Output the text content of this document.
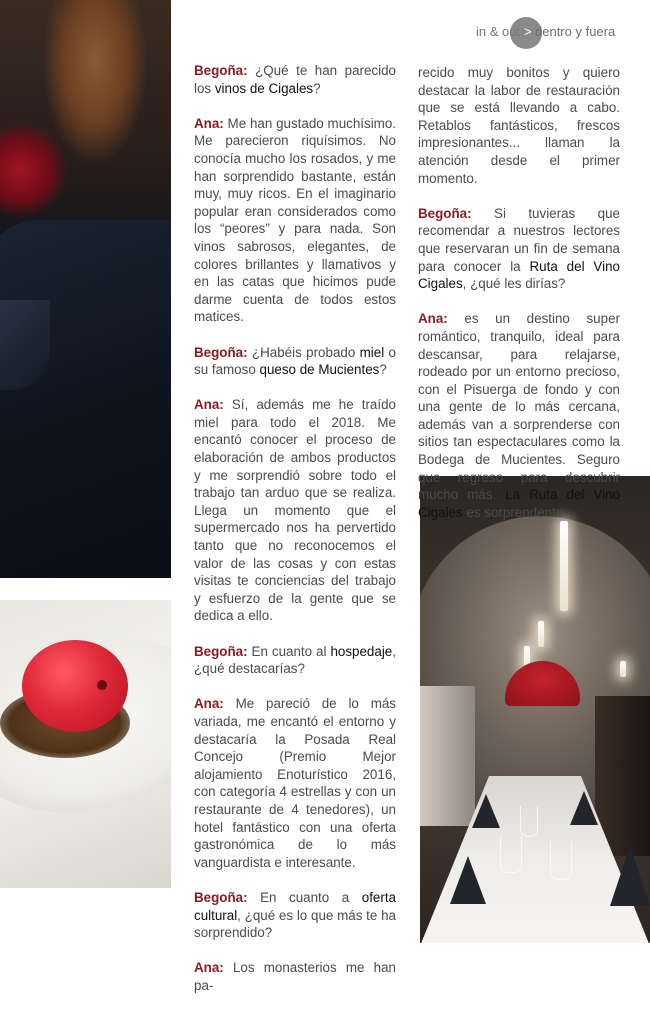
in & out > dentro y fuera

Begoña: ¿Qué te han parecido los vinos de Cigales?

Ana: Me han gustado muchísimo. Me parecieron riquísimos. No conocía mucho los rosados, y me han sorprendido bastante, están muy, muy ricos. En el imaginario popular eran considerados como los “peores” y para nada. Son vinos sabrosos, elegantes, de colores brillantes y llamativos y en las catas que hicimos pude darme cuenta de todos estos matices.

Begoña: ¿Habéis probado miel o su famoso queso de Mucientes?

Ana: Sí, además me he traído miel para todo el 2018. Me encantó conocer el proceso de elaboración de ambos productos y me sorprendió sobre todo el trabajo tan arduo que se realiza. Llega un momento que el supermercado nos ha pervertido tanto que no reconocemos el valor de las cosas y con estas visitas te conciencias del trabajo y esfuerzo de la gente que se dedica a ello.

Begoña: En cuanto al hospedaje, ¿qué destacarías?

Ana: Me pareció de lo más variada, me encantó el entorno y destacaría la Posada Real Concejo (Premio Mejor alojamiento Enoturístico 2016, con categoría 4 estrellas y con un restaurante de 4 tenedores), un hotel fantástico con una oferta gastronómica de lo más vanguardista e interesante.

Begoña: En cuanto a oferta cultural, ¿qué es lo que más te ha sorprendido?

Ana: Los monasterios me han pa-

recido muy bonitos y quiero destacar la labor de restauración que se está llevando a cabo. Retablos fantásticos, frescos impresionantes... llaman la atención desde el primer momento.

Begoña: Si tuvieras que recomendar a nuestros lectores que reservaran un fin de semana para conocer la Ruta del Vino Cigales, ¿qué les dirías?

Ana: es un destino super romántico, tranquilo, ideal para descansar, para relajarse, rodeado por un entorno precioso, con el Pisuerga de fondo y con una gente de lo más cercana, además van a sorprenderse con sitios tan espectaculares como la Bodega de Mucientes. Seguro que regreso para descubrir mucho más. La Ruta del Vino Cigales es sorprendente.
